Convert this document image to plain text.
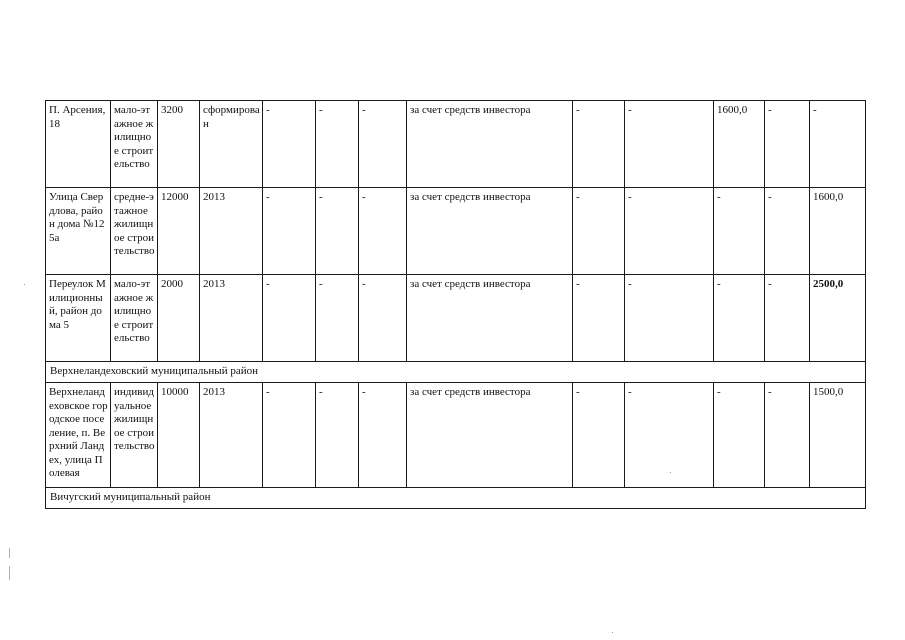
П. Арсения, 18	мало-этажное жилищное строительство	3200	сформирован	-	-	-	за счет средств инвестора	-	-	1600,0	-	-
Улица Свердлова, район дома №125а	средне-этажное жилищное строительство	12000	2013	-	-	-	за счет средств инвестора	-	-	-	-	1600,0
Переулок Милиционный, район дома 5	мало-этажное жилищное строительство	2000	2013	-	-	-	за счет средств инвестора	-	-	-	-	2500,0
Верхнеландеховский муниципальный район												
Верхнеландеховское городское поселение, п. Верхний Ландех, улица Полевая	индивидуальное жилищное строительство	10000	2013	-	-	-	за счет средств инвестора	-	-	-	-	1500,0
Вичугский муниципальный район												
